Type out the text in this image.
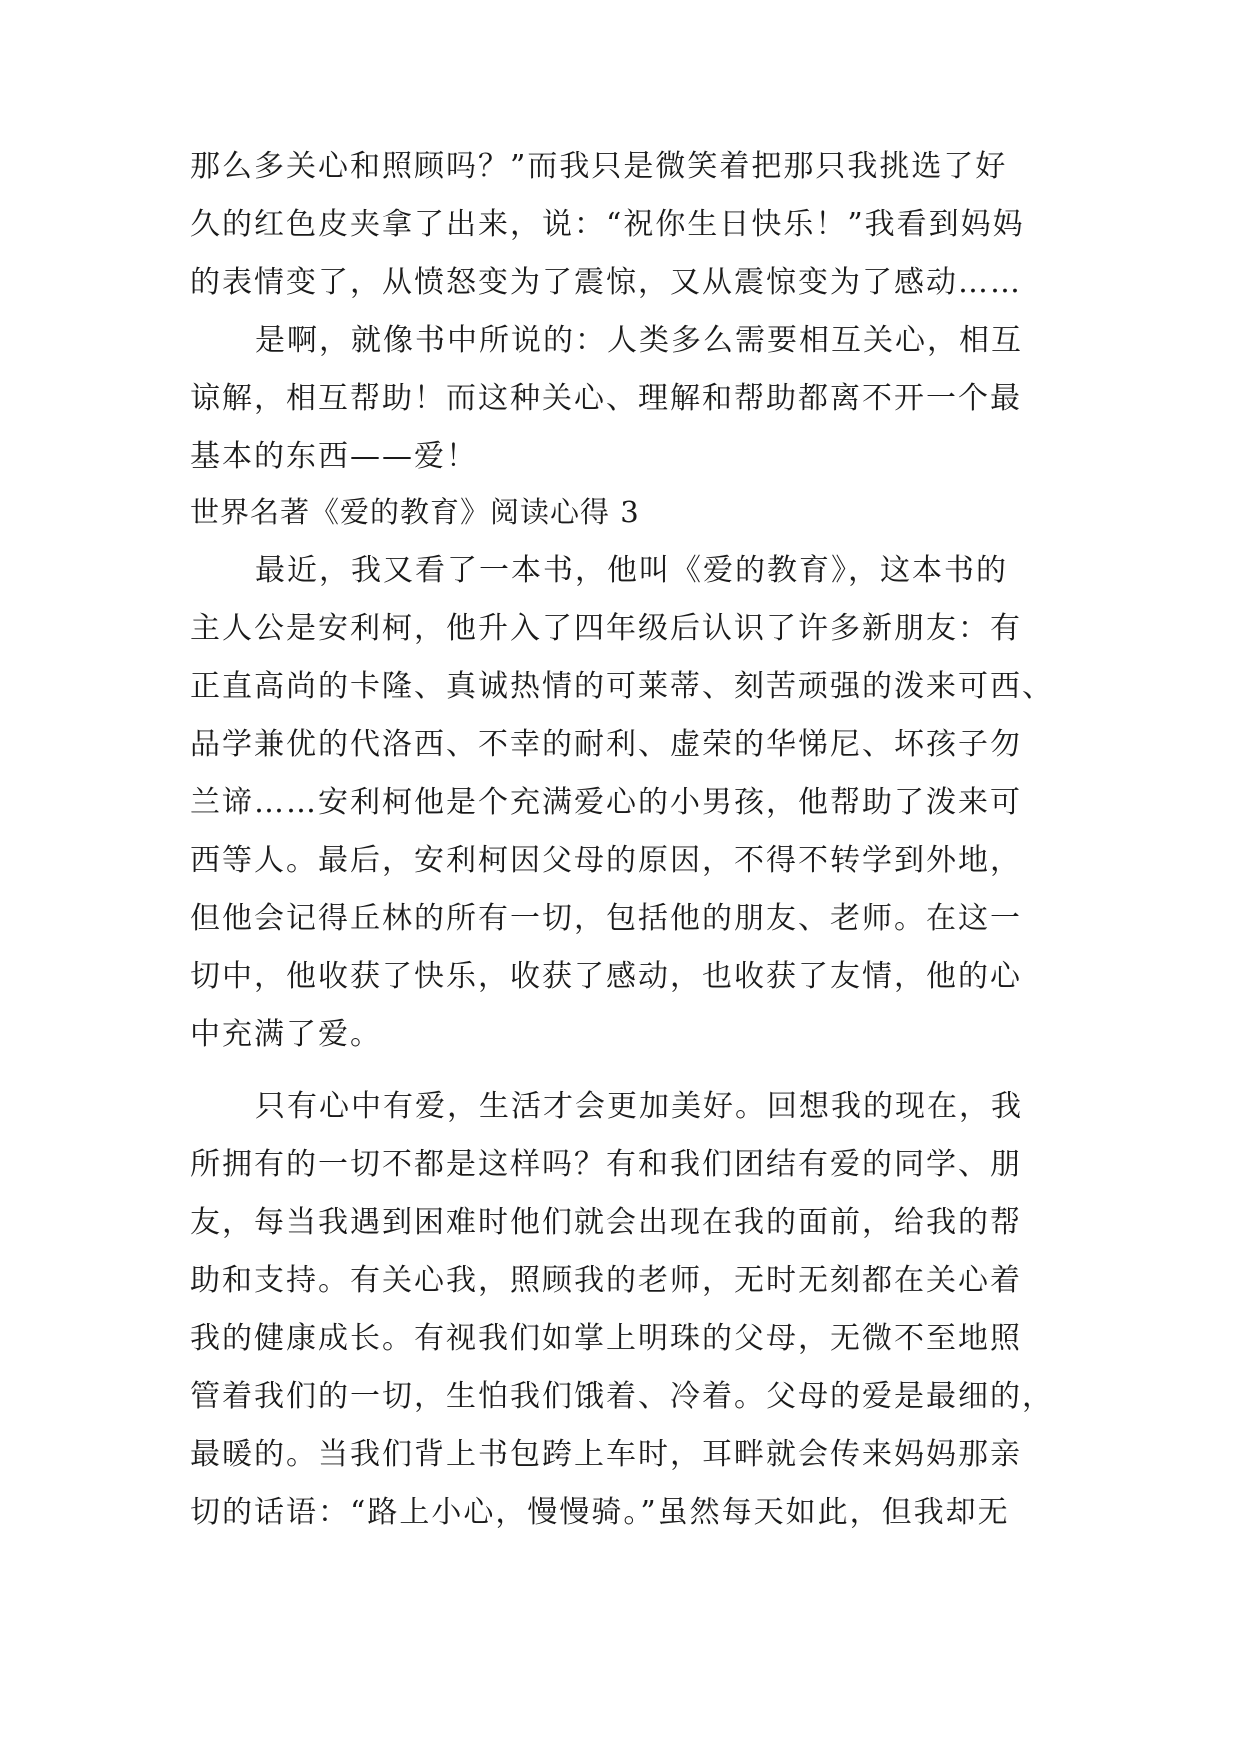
那么多关心和照顾吗？”而我只是微笑着把那只我挑选了好
久的红色皮夹拿了出来，说：“祝你生日快乐！”我看到妈妈
的表情变了，从愤怒变为了震惊，又从震惊变为了感动……
是啊，就像书中所说的：人类多么需要相互关心，相互
谅解，相互帮助！而这种关心、理解和帮助都离不开一个最
基本的东西——爱！
世界名著《爱的教育》阅读心得 3
最近，我又看了一本书，他叫《爱的教育》，这本书的
主人公是安利柯，他升入了四年级后认识了许多新朋友：有
正直高尚的卡隆、真诚热情的可莱蒂、刻苦顽强的泼来可西、
品学兼优的代洛西、不幸的耐利、虚荣的华悌尼、坏孩子勿
兰谛……安利柯他是个充满爱心的小男孩，他帮助了泼来可
西等人。最后，安利柯因父母的原因，不得不转学到外地，
但他会记得丘林的所有一切，包括他的朋友、老师。在这一
切中，他收获了快乐，收获了感动，也收获了友情，他的心
中充满了爱。
只有心中有爱，生活才会更加美好。回想我的现在，我
所拥有的一切不都是这样吗？有和我们团结有爱的同学、朋
友，每当我遇到困难时他们就会出现在我的面前，给我的帮
助和支持。有关心我，照顾我的老师，无时无刻都在关心着
我的健康成长。有视我们如掌上明珠的父母，无微不至地照
管着我们的一切，生怕我们饿着、冷着。父母的爱是最细的，
最暖的。当我们背上书包跨上车时，耳畔就会传来妈妈那亲
切的话语：“路上小心，慢慢骑。”虽然每天如此，但我却无
